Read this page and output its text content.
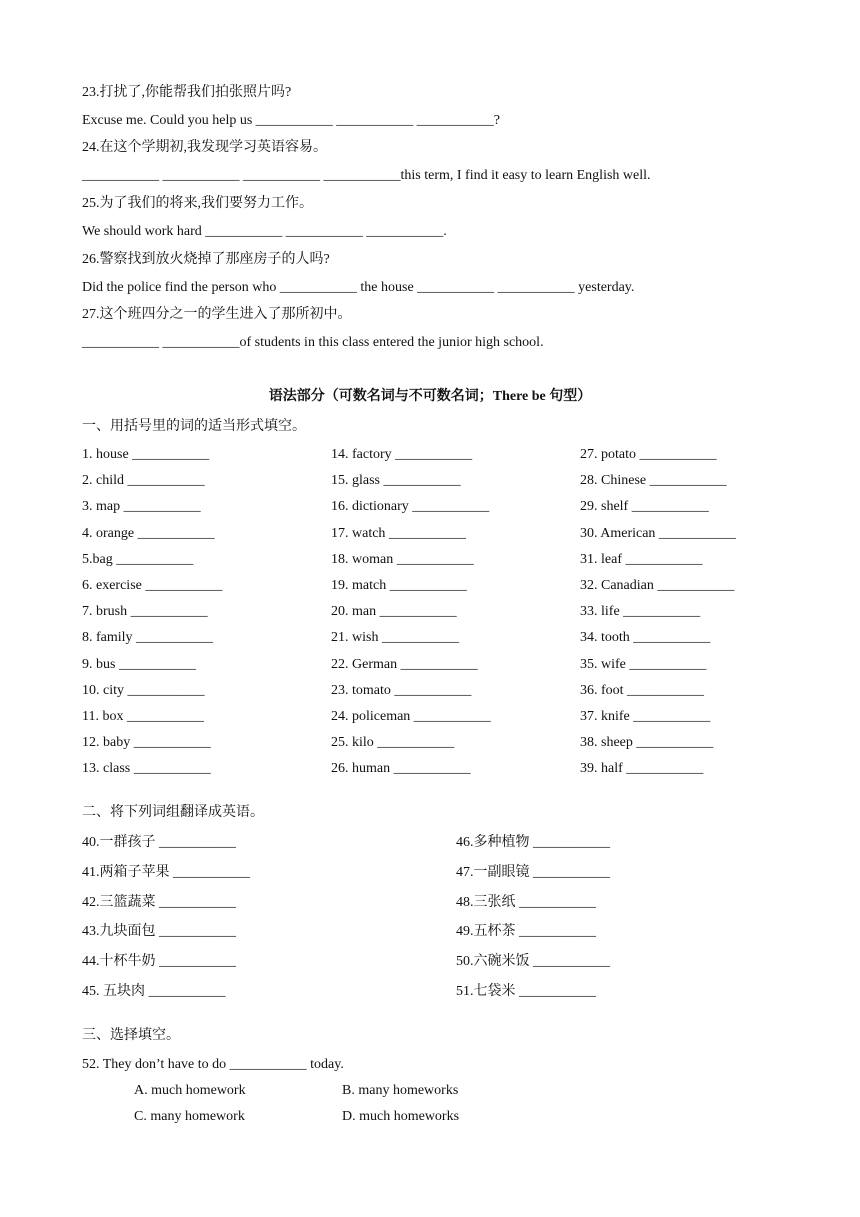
23.打扰了,你能帮我们拍张照片吗?
Excuse me. Could you help us ___________ ___________ ___________?
24.在这个学期初,我发现学习英语容易。
___________ ___________ ___________ ___________this term, I find it easy to learn English well.
25.为了我们的将来,我们要努力工作。
We should work hard ___________ ___________ ___________.
26.警察找到放火烧掉了那座房子的人吗?
Did the police find the person who ___________ the house ___________ ___________ yesterday.
27.这个班四分之一的学生进入了那所初中。
___________ ___________of students in this class entered the junior high school.
语法部分（可数名词与不可数名词；There be 句型）
一、用括号里的词的适当形式填空。
1. house ___________
2. child ___________
3. map ___________
4. orange ___________
5.bag ___________
6. exercise ___________
7. brush ___________
8. family ___________
9. bus ___________
10. city ___________
11. box ___________
12. baby ___________
13. class ___________
14. factory ___________
15. glass ___________
16. dictionary ___________
17. watch ___________
18. woman ___________
19. match ___________
20. man ___________
21. wish ___________
22. German ___________
23. tomato ___________
24. policeman ___________
25. kilo ___________
26. human ___________
27. potato ___________
28. Chinese ___________
29. shelf ___________
30. American ___________
31. leaf ___________
32. Canadian ___________
33. life ___________
34. tooth ___________
35. wife ___________
36. foot ___________
37. knife ___________
38. sheep ___________
39. half ___________
二、将下列词组翻译成英语。
40.一群孩子 ___________
41.两箱子苹果 ___________
42.三篮蔬菜 ___________
43.九块面包 ___________
44.十杯牛奶 ___________
45. 五块肉 ___________
46.多种植物 ___________
47.一副眼镜 ___________
48.三张纸 ___________
49.五杯茶 ___________
50.六碗米饭 ___________
51.七袋米 ___________
三、选择填空。
52. They don’t have to do ___________ today.
A. much homework	B. many homeworks
C. many homework	D. much homeworks
